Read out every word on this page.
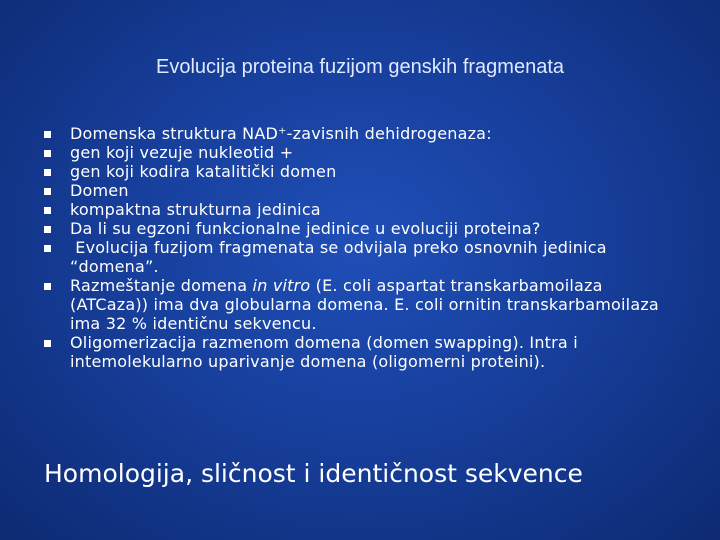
Evolucija proteina fuzijom genskih fragmenata
Domenska struktura NAD⁺-zavisnih dehidrogenaza:
gen koji vezuje nukleotid +
gen koji kodira katalitički domen
Domen
kompaktna strukturna jedinica
Da li su egzoni funkcionalne jedinice u evoluciji proteina?
Evolucija fuzijom fragmenata se odvijala preko osnovnih jedinica “domena”.
Razmeštanje domena in vitro (E. coli aspartat transkarbamoilaza (ATCaza)) ima dva globularna domena. E. coli ornitin transkarbamoilaza ima 32 % identičnu sekvencu.
Oligomerizacija razmenom domena (domen swapping). Intra i intemolekularno uparivanje domena (oligomerni proteini).
Homologija, sličnost i identičnost sekvence
